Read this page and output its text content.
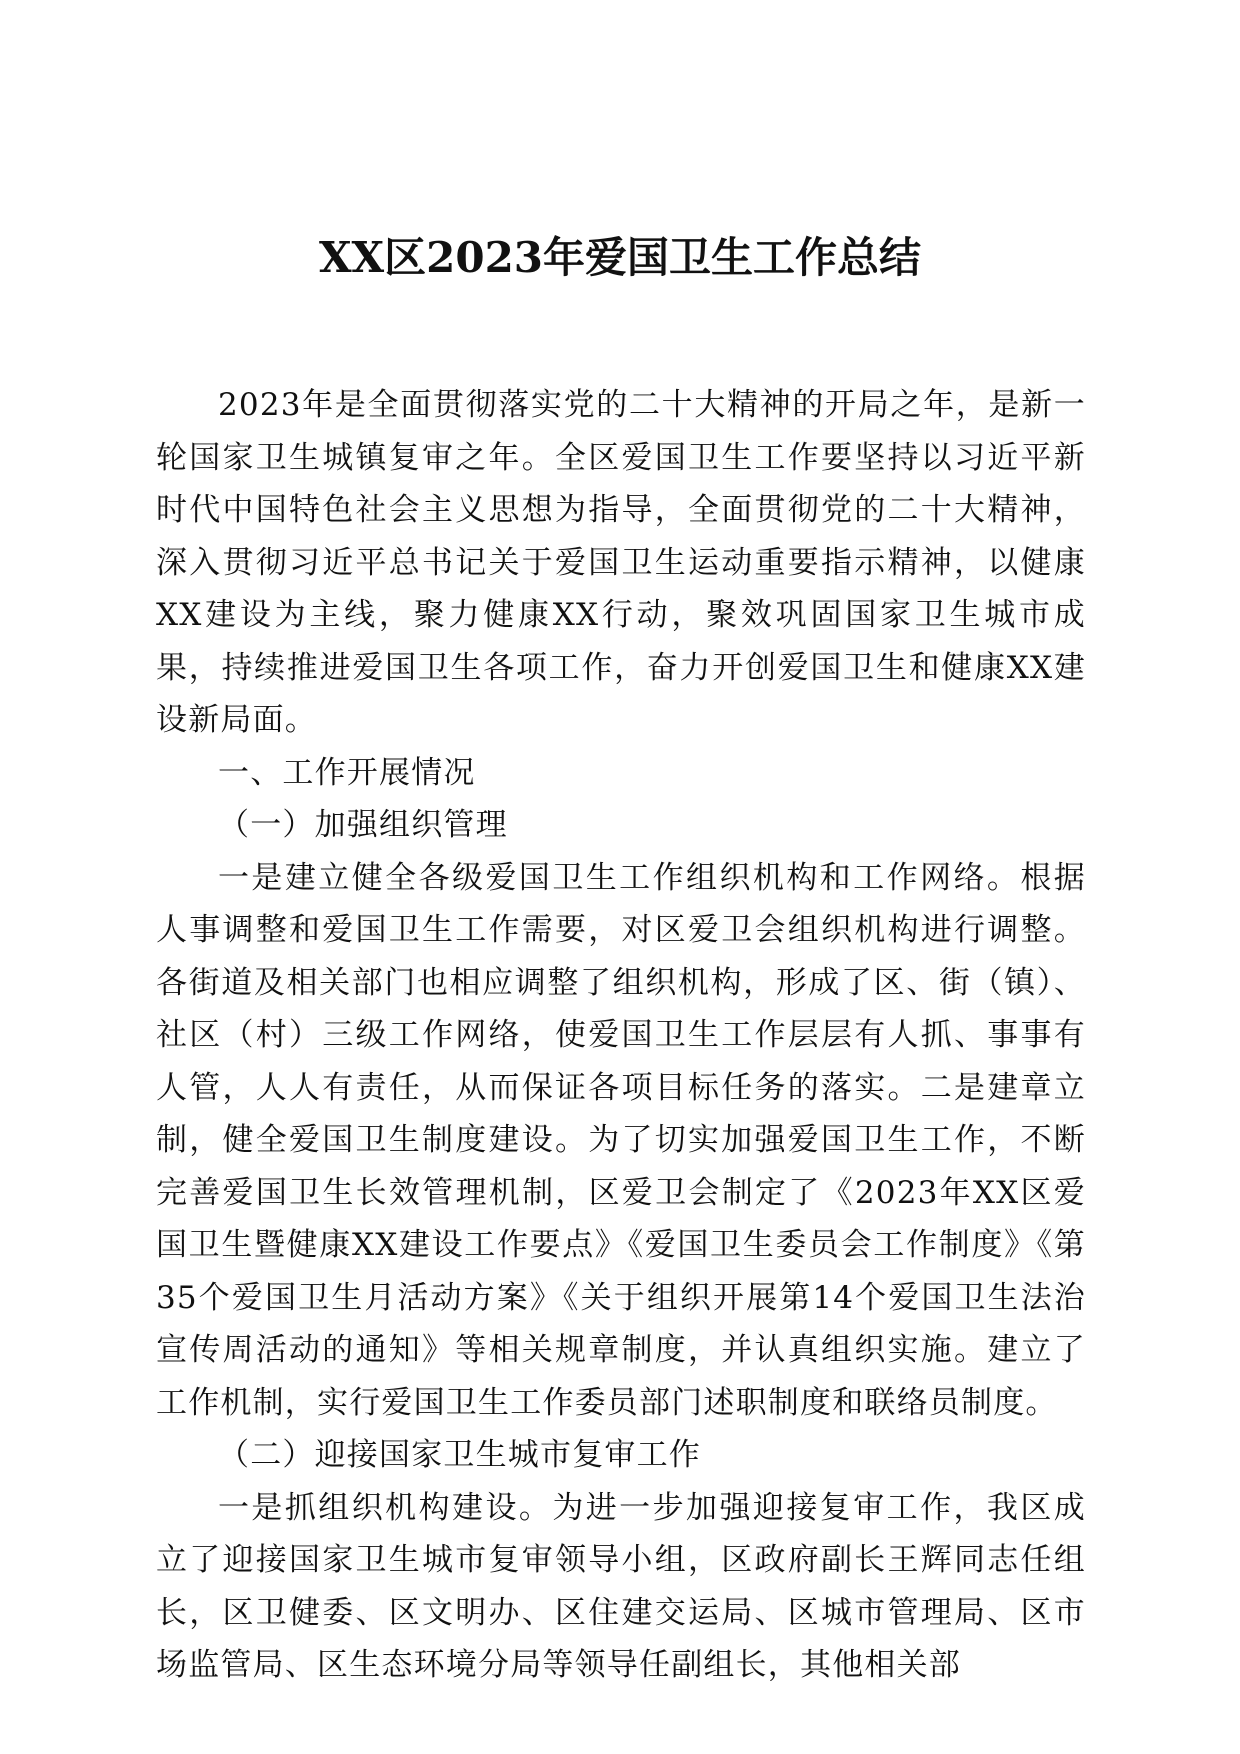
XX区2023年爱国卫生工作总结

2023年是全面贯彻落实党的二十大精神的开局之年，是新一轮国家卫生城镇复审之年。全区爱国卫生工作要坚持以习近平新时代中国特色社会主义思想为指导，全面贯彻党的二十大精神，深入贯彻习近平总书记关于爱国卫生运动重要指示精神，以健康XX建设为主线，聚力健康XX行动，聚效巩固国家卫生城市成果，持续推进爱国卫生各项工作，奋力开创爱国卫生和健康XX建设新局面。

一、工作开展情况

（一）加强组织管理

一是建立健全各级爱国卫生工作组织机构和工作网络。根据人事调整和爱国卫生工作需要，对区爱卫会组织机构进行调整。各街道及相关部门也相应调整了组织机构，形成了区、街（镇）、社区（村）三级工作网络，使爱国卫生工作层层有人抓、事事有人管，人人有责任，从而保证各项目标任务的落实。二是建章立制，健全爱国卫生制度建设。为了切实加强爱国卫生工作，不断完善爱国卫生长效管理机制，区爱卫会制定了《2023年XX区爱国卫生暨健康XX建设工作要点》《爱国卫生委员会工作制度》《第35个爱国卫生月活动方案》《关于组织开展第14个爱国卫生法治宣传周活动的通知》等相关规章制度，并认真组织实施。建立了工作机制，实行爱国卫生工作委员部门述职制度和联络员制度。

（二）迎接国家卫生城市复审工作

一是抓组织机构建设。为进一步加强迎接复审工作，我区成立了迎接国家卫生城市复审领导小组，区政府副长王辉同志任组长，区卫健委、区文明办、区住建交运局、区城市管理局、区市场监管局、区生态环境分局等领导任副组长，其他相关部
